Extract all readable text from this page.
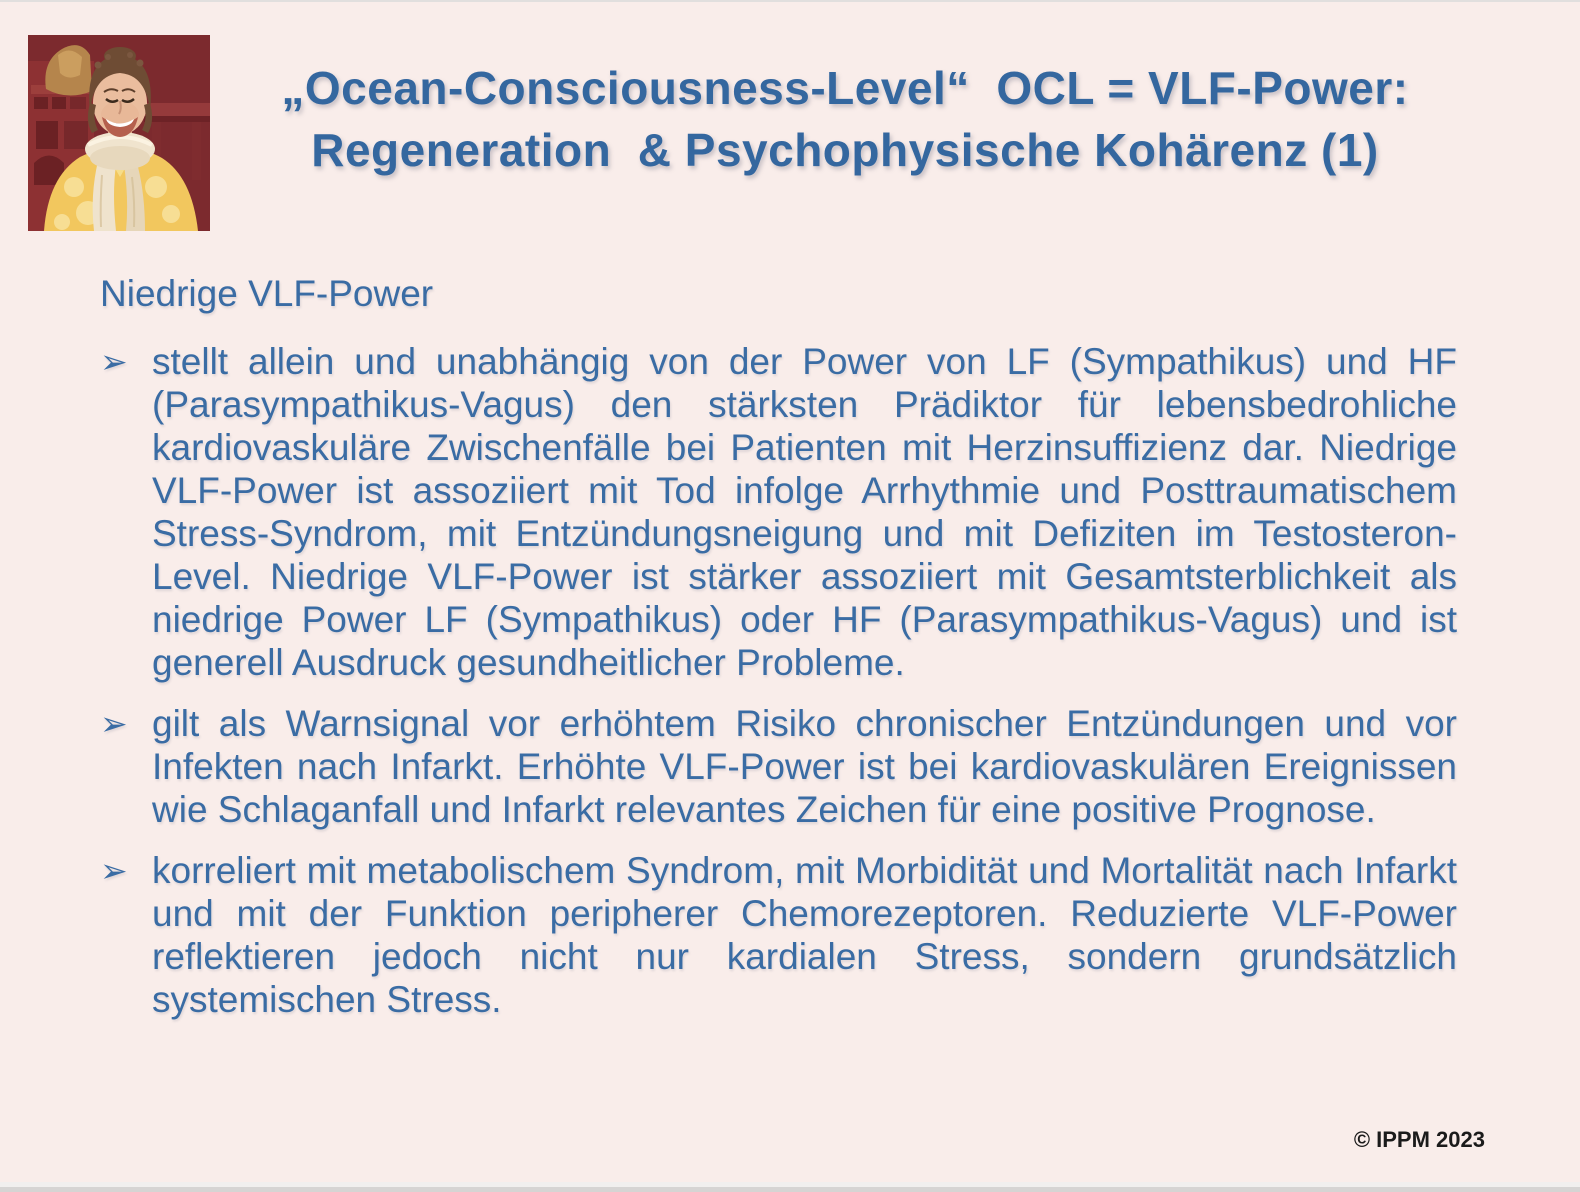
„Ocean-Consciousness-Level“  OCL = VLF-Power:
Regeneration  & Psychophysische Kohärenz (1)

Niedrige VLF-Power

➢ stellt allein und unabhängig von der Power von LF (Sympathikus) und HF (Parasympathikus-Vagus) den stärksten Prädiktor für lebensbedrohliche kardiovaskuläre Zwischenfälle bei Patienten mit Herzinsuffizienz dar. Niedrige VLF-Power ist assoziiert mit Tod infolge Arrhythmie und Posttraumatischem Stress-Syndrom, mit Entzündungsneigung und mit Defiziten im Testosteron-Level. Niedrige VLF-Power ist stärker assoziiert mit Gesamtsterblichkeit als niedrige Power LF (Sympathikus) oder HF (Parasympathikus-Vagus) und ist generell Ausdruck gesundheitlicher Probleme.
➢ gilt als Warnsignal vor erhöhtem Risiko chronischer Entzündungen und vor Infekten nach Infarkt. Erhöhte VLF-Power ist bei kardiovaskulären Ereignissen wie Schlaganfall und Infarkt relevantes Zeichen für eine positive Prognose.
➢ korreliert mit metabolischem Syndrom, mit Morbidität und Mortalität nach Infarkt und mit der Funktion peripherer Chemorezeptoren. Reduzierte VLF-Power reflektieren jedoch nicht nur kardialen Stress, sondern grundsätzlich systemischen Stress.
© IPPM 2023
